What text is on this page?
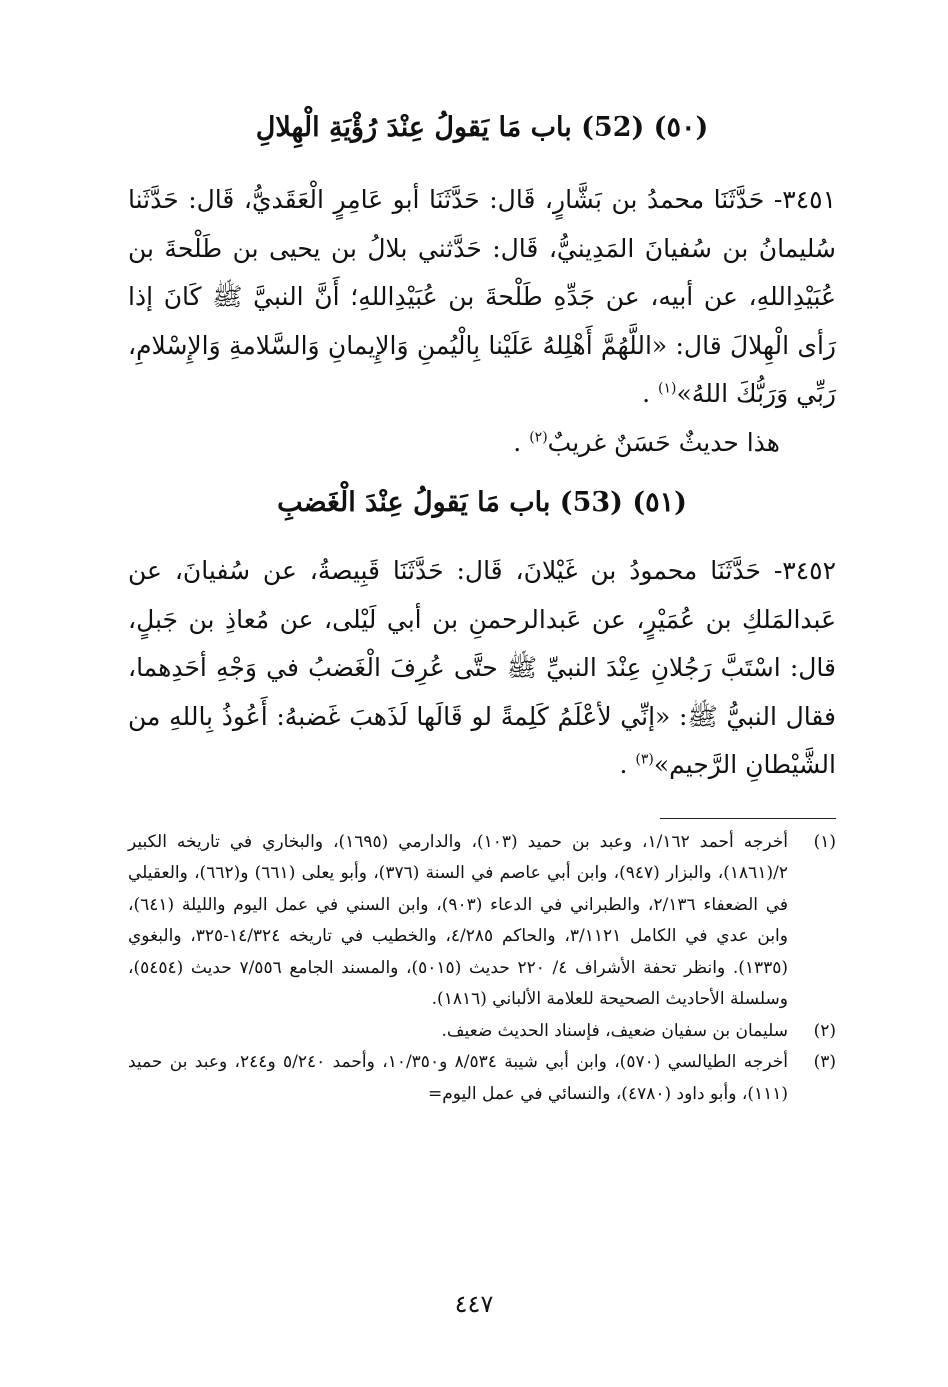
(٥٠) (52) باب مَا يَقولُ عِنْدَ رُؤْيَةِ الْهِلالِ

٣٤٥١- حَدَّثَنَا محمدُ بن بَشَّارٍ، قَال: حَدَّثَنَا أبو عَامِرٍ الْعَقَديُّ، قَال: حَدَّثَنا سُليمانُ بن سُفيانَ المَدِينيُّ، قَال: حَدَّثني بلالُ بن يحيى بن طَلْحةَ بن عُبَيْدِاللهِ، عن أبيه، عن جَدِّهِ طَلْحةَ بن عُبَيْدِاللهِ؛ أَنَّ النبيَّ ﷺ كَانَ إذا رَأى الْهِلالَ قال: «اللَّهُمَّ أَهْلِلهُ عَلَيْنا بِالْيُمنِ وَالإِيمانِ وَالسَّلامةِ وَالإِسْلامِ، رَبِّي وَرَبُّكَ اللهُ»$^{(١)}$ .

هذا حديثٌ حَسَنٌ غريبٌ$^{(٢)}$ .

(٥١) (53) باب مَا يَقولُ عِنْدَ الْغَضبِ

٣٤٥٢- حَدَّثَنَا محمودُ بن غَيْلانَ، قَال: حَدَّثَنَا قَبِيصةُ، عن سُفيانَ، عن عَبدالمَلكِ بن عُمَيْرٍ، عن عَبدالرحمنِ بن أبي لَيْلى، عن مُعاذِ بن جَبلٍ، قال: اسْتَبَّ رَجُلانِ عِنْدَ النبيِّ ﷺ حتَّى عُرِفَ الْغَضبُ في وَجْهِ أحَدِهما، فقال النبيُّ ﷺ: «إنِّي لأعْلَمُ كَلِمةً لو قَالَها لَذَهبَ غَضبهُ: أَعُوذُ بِاللهِ من الشَّيْطانِ الرَّجيم»$^{(٣)}$ .

(١)
أخرجه أحمد ١/١٦٢، وعبد بن حميد (١٠٣)، والدارمي (١٦٩٥)، والبخاري في تاريخه الكبير ٢/(١٨٦١)، والبزار (٩٤٧)، وابن أبي عاصم في السنة (٣٧٦)، وأبو يعلى (٦٦١) و(٦٦٢)، والعقيلي في الضعفاء ٢/١٣٦، والطبراني في الدعاء (٩٠٣)، وابن السني في عمل اليوم والليلة (٦٤١)، وابن عدي في الكامل ٣/١١٢١، والحاكم ٤/٢٨٥، والخطيب في تاريخه ١٤/٣٢٤-٣٢٥، والبغوي (١٣٣٥). وانظر تحفة الأشراف ٤/ ٢٢٠ حديث (٥٠١٥)، والمسند الجامع ٧/٥٥٦ حديث (٥٤٥٤)، وسلسلة الأحاديث الصحيحة للعلامة الألباني (١٨١٦).
(٢)
سليمان بن سفيان ضعيف، فإسناد الحديث ضعيف.
(٣)
أخرجه الطيالسي (٥٧٠)، وابن أبي شيبة ٨/٥٣٤ و١٠/٣٥٠، وأحمد ٥/٢٤٠ و٢٤٤، وعبد بن حميد (١١١)، وأبو داود (٤٧٨٠)، والنسائي في عمل اليوم=
٤٤٧
